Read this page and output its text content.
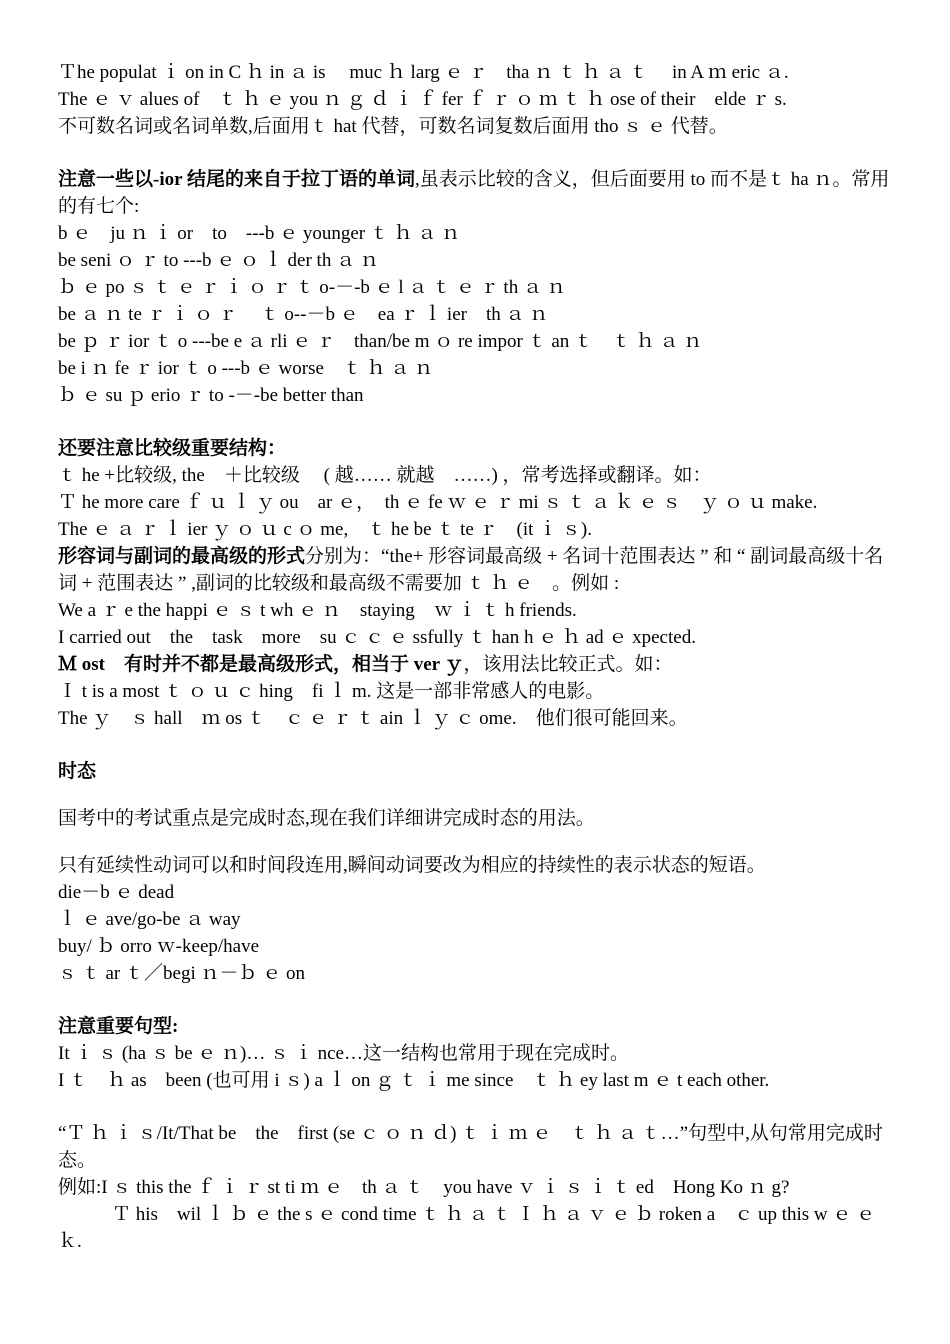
Ｔhe populat ｉ on in C ｈ in ａ is　 muc ｈ larg ｅ ｒ　tha ｎ ｔ ｈ ａ ｔ　 in A ｍ eric ａ.
The ｅ ｖ alues of　ｔ ｈ ｅ you ｎ ｇ ｄ ｉ ｆ fer ｆ ｒ ｏ ｍ ｔ ｈ ose of their　elde ｒ s.
不可数名词或名词单数,后面用ｔ hat 代替，可数名词复数后面用 tho ｓ ｅ 代替。
注意一些以-ior 结尾的来自于拉丁语的单词,虽表示比较的含义，但后面要用 to 而不是ｔ ha ｎ。常用的有七个:
b ｅ　ju ｎ ｉ or　to　---b ｅ younger ｔ ｈ ａ ｎ
be seni ｏ ｒ to ---b ｅ ｏ ｌ der th ａ ｎ
ｂ ｅ po ｓ ｔ ｅ ｒ ｉ ｏ ｒ ｔ o-－-b ｅ l ａ ｔ ｅ ｒ th ａ ｎ
be ａ ｎ te ｒ ｉ ｏ ｒ　 ｔ o--－b ｅ　ea ｒ ｌ ier　th ａ ｎ
be ｐ ｒ ior ｔ o ---be e ａ rli ｅ ｒ　than/be m ｏ re impor ｔ an ｔ　ｔ ｈ ａ ｎ
be i ｎ fe ｒ ior ｔ o ---b ｅ worse　ｔ ｈ ａ ｎ
ｂ ｅ su ｐ erio ｒ to -－-be better than
还要注意比较级重要结构：
ｔ he +比较级, the　＋比较级　 ( 越…… 就越　……) ，常考选择或翻译。如：
Ｔ he more care ｆ ｕ ｌ ｙ ou　ar ｅ，　th ｅ fe ｗ ｅ ｒ mi ｓ ｔ ａ ｋ ｅ ｓ　ｙ ｏ ｕ make.
The ｅ ａ ｒ ｌ ier ｙ ｏ ｕ c ｏ me,　ｔ he be ｔ te ｒ　(it ｉ ｓ).
形容词与副词的最高级的形式分别为：“the+ 形容词最高级 + 名词十范围表达 ” 和 “ 副词最高级十名词 + 范围表达 ” ,副词的比较级和最高级不需要加 ｔ ｈ ｅ　。例如 :
We a ｒ e the happi ｅ ｓ t wh ｅ ｎ　staying　ｗ ｉ ｔ h friends.
I carried out　the　task　more　su ｃ ｃ ｅ ssfully ｔ han h ｅ ｈ ad ｅ xpected.
Ｍ ost　有时并不都是最高级形式，相当于 ver ｙ，该用法比较正式。如：
Ｉ t is a most ｔ ｏ ｕ ｃ hing　fi ｌ m. 这是一部非常感人的电影。
The ｙ　ｓ hall　ｍ os ｔ　ｃ ｅ ｒ ｔ ain ｌ ｙ ｃ ome.　他们很可能回来。
时态
国考中的考试重点是完成时态,现在我们详细讲完成时态的用法。
只有延续性动词可以和时间段连用,瞬间动词要改为相应的持续性的表示状态的短语。
die－b ｅ dead
ｌ ｅ ave/go-be ａ way
buy/ ｂ orro ｗ-keep/have
ｓ ｔ ar ｔ／begi ｎ－ｂ ｅ on
注意重要句型:
It ｉ ｓ (ha ｓ be ｅ ｎ)… ｓ ｉ nce…这一结构也常用于现在完成时。
I ｔ　ｈ as　been (也可用 i ｓ) a ｌ on ｇ ｔ ｉ me since　ｔ ｈ ey last m ｅ t each other.
“Ｔ ｈ ｉ ｓ/It/That be　the　first (se ｃ ｏ ｎ ｄ) ｔ ｉ ｍ ｅ　ｔ ｈ ａ ｔ…”句型中,从句常用完成时态。
例如:I ｓ this the ｆ ｉ ｒ st ti ｍ ｅ　th ａ ｔ　you have ｖ ｉ ｓ ｉ ｔ ed　Hong Ko ｎ g?
Ｔ his　wil ｌ ｂ ｅ the s ｅ cond time ｔ ｈ ａ ｔ Ｉ ｈ ａ ｖ ｅ ｂ roken a　ｃ up this w ｅ ｅ ｋ.
